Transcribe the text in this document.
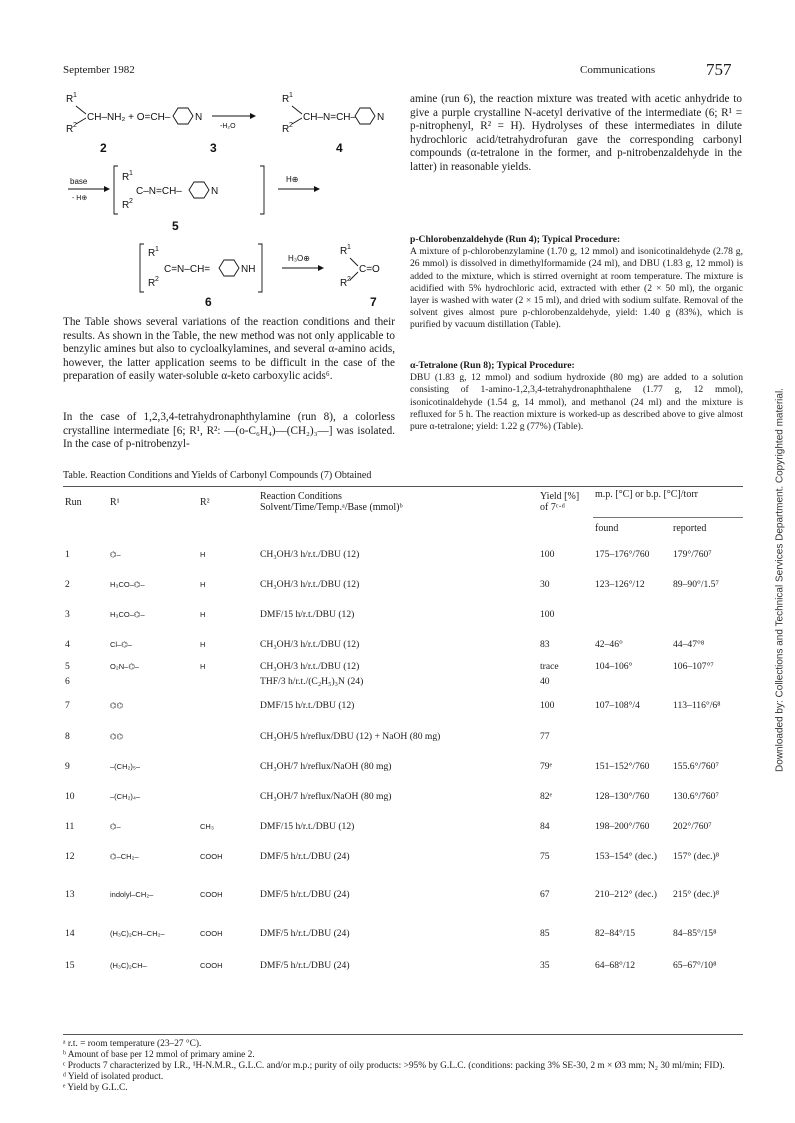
September 1982	Communications	757
Downloaded by: Collections and Technical Services Department. Copyrighted material.
R 1
R 2
CH–NH₂ + O=CH– N
-H₂O
R 1
R 2
CH–N=CH– N
2	3	4
base
- H⊕
R 1
R 2
C–N=CH–	N
H⊕
5
R 1
R 2
C=N–CH=	NH
H₃O⊕
R 1
R 2
C=O
6	7
amine (run 6), the reaction mixture was treated with acetic anhydride to give a purple crystalline N-acetyl derivative of the intermediate (6; R¹ = p-nitrophenyl, R² = H). Hydrolyses of these intermediates in dilute hydrochloric acid/tetrahydrofuran gave the corresponding carbonyl compounds (α-tetralone in the former, and p-nitrobenzaldehyde in the latter) in reasonable yields.
The Table shows several variations of the reaction conditions and their results. As shown in the Table, the new method was not only applicable to benzylic amines but also to cycloalkylamines, and several α-amino acids, however, the latter application seems to be difficult in the case of the preparation of easily water-soluble α-keto carboxylic acids⁶.
In the case of 1,2,3,4-tetrahydronaphthylamine (run 8), a colorless crystalline intermediate [6; R¹, R²: —(o-C₆H₄)—(CH₂)₃—] was isolated. In the case of p-nitrobenzyl-
p-Chlorobenzaldehyde (Run 4); Typical Procedure:
A mixture of p-chlorobenzylamine (1.70 g, 12 mmol) and isonicotinaldehyde (2.78 g, 26 mmol) is dissolved in dimethylformamide (24 ml), and DBU (1.83 g, 12 mmol) is added to the mixture, which is stirred overnight at room temperature. The mixture is acidified with 5% hydrochloric acid, extracted with ether (2 × 50 ml), the organic layer is washed with water (2 × 15 ml), and dried with sodium sulfate. Removal of the solvent gives almost pure p-chlorobenzaldehyde, yield: 1.40 g (83%), which is purified by vacuum distillation (Table).
α-Tetralone (Run 8); Typical Procedure:
DBU (1.83 g, 12 mmol) and sodium hydroxide (80 mg) are added to a solution consisting of 1-amino-1,2,3,4-tetrahydronaphthalene (1.77 g, 12 mmol), isonicotinaldehyde (1.54 g, 14 mmol), and methanol (24 ml) and the mixture is refluxed for 5 h. The reaction mixture is worked-up as described above to give almost pure α-tetralone; yield: 1.22 g (77%) (Table).
Table. Reaction Conditions and Yields of Carbonyl Compounds (7) Obtained
Run	R¹	R²	Reaction Conditions
Solvent/Time/Temp.ᵃ/Base (mmol)ᵇ	Yield [%]
of 7ᶜ·ᵈ	m.p. [°C] or b.p. [°C]/torr	
					found	reported
1	⌬–	H	CH₃OH/3 h/r.t./DBU (12)	100	175–176°/760	179°/760⁷
2	H₃CO–⌬–	H	CH₃OH/3 h/r.t./DBU (12)	30	123–126°/12	89–90°/1.5⁷
3	H₃CO–⌬–	H	DMF/15 h/r.t./DBU (12)	100		
4	Cl–⌬–	H	CH₃OH/3 h/r.t./DBU (12)	83	42–46°	44–47°⁸
5	O₂N–⌬–	H	CH₃OH/3 h/r.t./DBU (12)	trace	104–106°	106–107°⁷
6			THF/3 h/r.t./(C₂H₅)₃N (24)	40		
7	⌬⌬		DMF/15 h/r.t./DBU (12)	100	107–108°/4	113–116°/6⁸
8	⌬⌬		CH₃OH/5 h/reflux/DBU (12) + NaOH (80 mg)	77		
9	–(CH₂)₅–		CH₃OH/7 h/reflux/NaOH (80 mg)	79ᵉ	151–152°/760	155.6°/760⁷
10	–(CH₂)₄–		CH₃OH/7 h/reflux/NaOH (80 mg)	82ᵉ	128–130°/760	130.6°/760⁷
11	⌬–	CH₃	DMF/15 h/r.t./DBU (12)	84	198–200°/760	202°/760⁷
12	⌬–CH₂–	COOH	DMF/5 h/r.t./DBU (24)	75	153–154° (dec.)	157° (dec.)⁸
13	indolyl–CH₂–	COOH	DMF/5 h/r.t./DBU (24)	67	210–212° (dec.)	215° (dec.)⁸
14	(H₃C)₂CH–CH₂–	COOH	DMF/5 h/r.t./DBU (24)	85	82–84°/15	84–85°/15⁸
15	(H₃C)₂CH–	COOH	DMF/5 h/r.t./DBU (24)	35	64–68°/12	65–67°/10⁸
ᵃ r.t. = room temperature (23–27 °C).
ᵇ Amount of base per 12 mmol of primary amine 2.
ᶜ Products 7 characterized by I.R., ¹H-N.M.R., G.L.C. and/or m.p.; purity of oily products: >95% by G.L.C. (conditions: packing 3% SE-30, 2 m × Ø3 mm; N₂ 30 ml/min; FID).
ᵈ Yield of isolated product.
ᵉ Yield by G.L.C.
